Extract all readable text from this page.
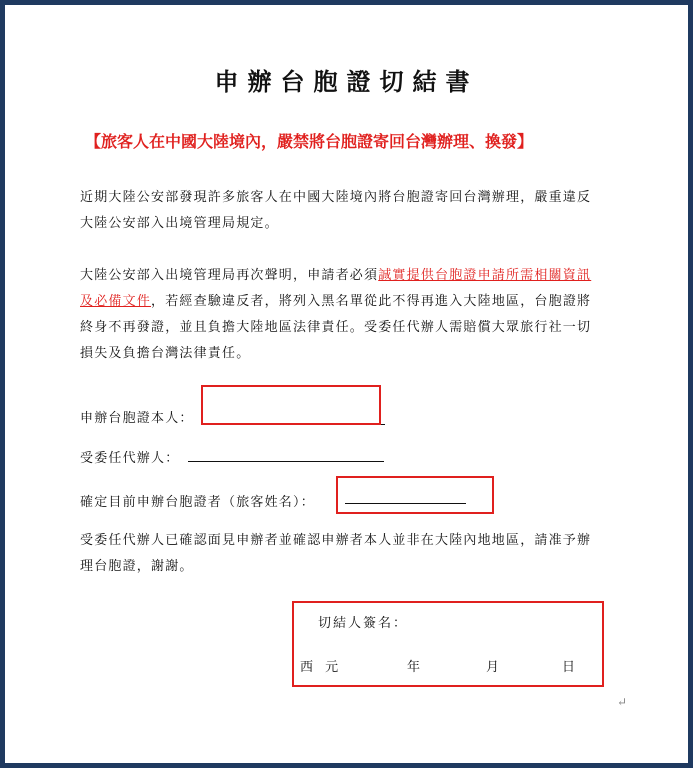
申辦台胞證切結書
【旅客人在中國大陸境內，嚴禁將台胞證寄回台灣辦理、換發】
近期大陸公安部發現許多旅客人在中國大陸境內將台胞證寄回台灣辦理，嚴重違反大陸公安部入出境管理局規定。
大陸公安部入出境管理局再次聲明，申請者必須誠實提供台胞證申請所需相關資訊及必備文件，若經查驗違反者，將列入黑名單從此不得再進入大陸地區，台胞證將終身不再發證，並且負擔大陸地區法律責任。受委任代辦人需賠償大眾旅行社一切損失及負擔台灣法律責任。
申辦台胞證本人：
受委任代辦人：
確定目前申辦台胞證者（旅客姓名）：
受委任代辦人已確認面見申辦者並確認申辦者本人並非在大陸內地地區，請准予辦理台胞證，謝謝。
切結人簽名：
西 元	年	月	日
↵
